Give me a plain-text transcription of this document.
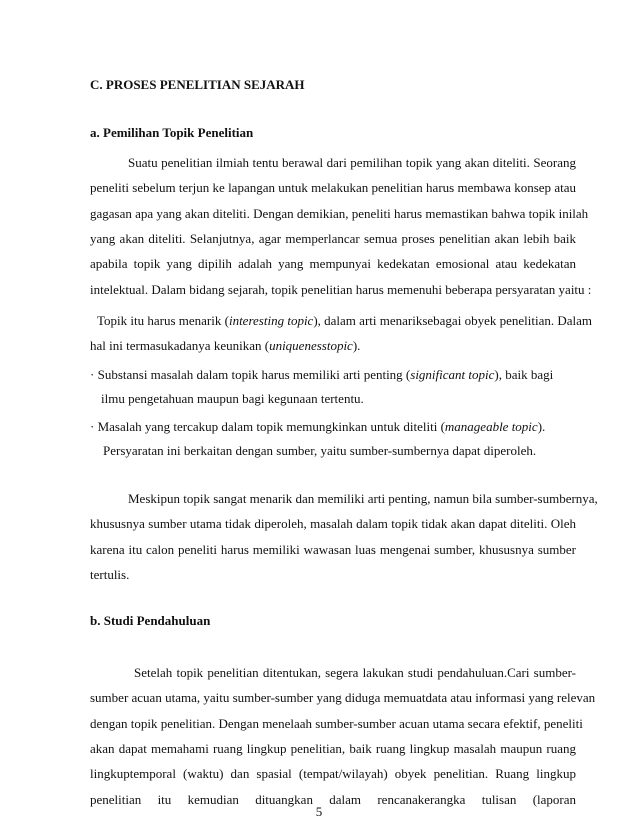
C. PROSES PENELITIAN SEJARAH
a. Pemilihan Topik Penelitian
Suatu penelitian ilmiah tentu berawal dari pemilihan topik yang akan diteliti. Seorang
peneliti sebelum terjun ke lapangan untuk melakukan penelitian harus membawa konsep atau
gagasan apa yang akan diteliti. Dengan demikian, peneliti harus memastikan bahwa topik inilah
yang akan diteliti. Selanjutnya, agar memperlancar semua proses penelitian akan lebih baik
apabila topik yang dipilih adalah yang mempunyai kedekatan emosional atau kedekatan
intelektual. Dalam bidang sejarah, topik penelitian harus memenuhi beberapa persyaratan yaitu :
Topik itu harus menarik (interesting topic), dalam arti menariksebagai obyek penelitian. Dalam
hal ini termasukadanya keunikan (uniquenesstopic).
· Substansi masalah dalam topik harus memiliki arti penting (significant topic), baik bagi
ilmu pengetahuan maupun bagi kegunaan tertentu.
· Masalah yang tercakup dalam topik memungkinkan untuk diteliti (manageable topic).
Persyaratan ini berkaitan dengan sumber, yaitu sumber-sumbernya dapat diperoleh.
Meskipun topik sangat menarik dan memiliki arti penting, namun bila sumber-sumbernya,
khususnya sumber utama tidak diperoleh, masalah dalam topik tidak akan dapat diteliti. Oleh
karena itu calon peneliti harus memiliki wawasan luas mengenai sumber, khususnya sumber
tertulis.
b. Studi Pendahuluan
Setelah topik penelitian ditentukan, segera lakukan studi pendahuluan.Cari sumber-
sumber acuan utama, yaitu sumber-sumber yang diduga memuatdata atau informasi yang relevan
dengan topik penelitian. Dengan menelaah sumber-sumber acuan utama secara efektif, peneliti
akan dapat memahami ruang lingkup penelitian, baik ruang lingkup masalah maupun ruang
lingkuptemporal (waktu) dan spasial (tempat/wilayah) obyek penelitian. Ruang lingkup
penelitian itu kemudian dituangkan dalam rencanakerangka tulisan (laporan
5
